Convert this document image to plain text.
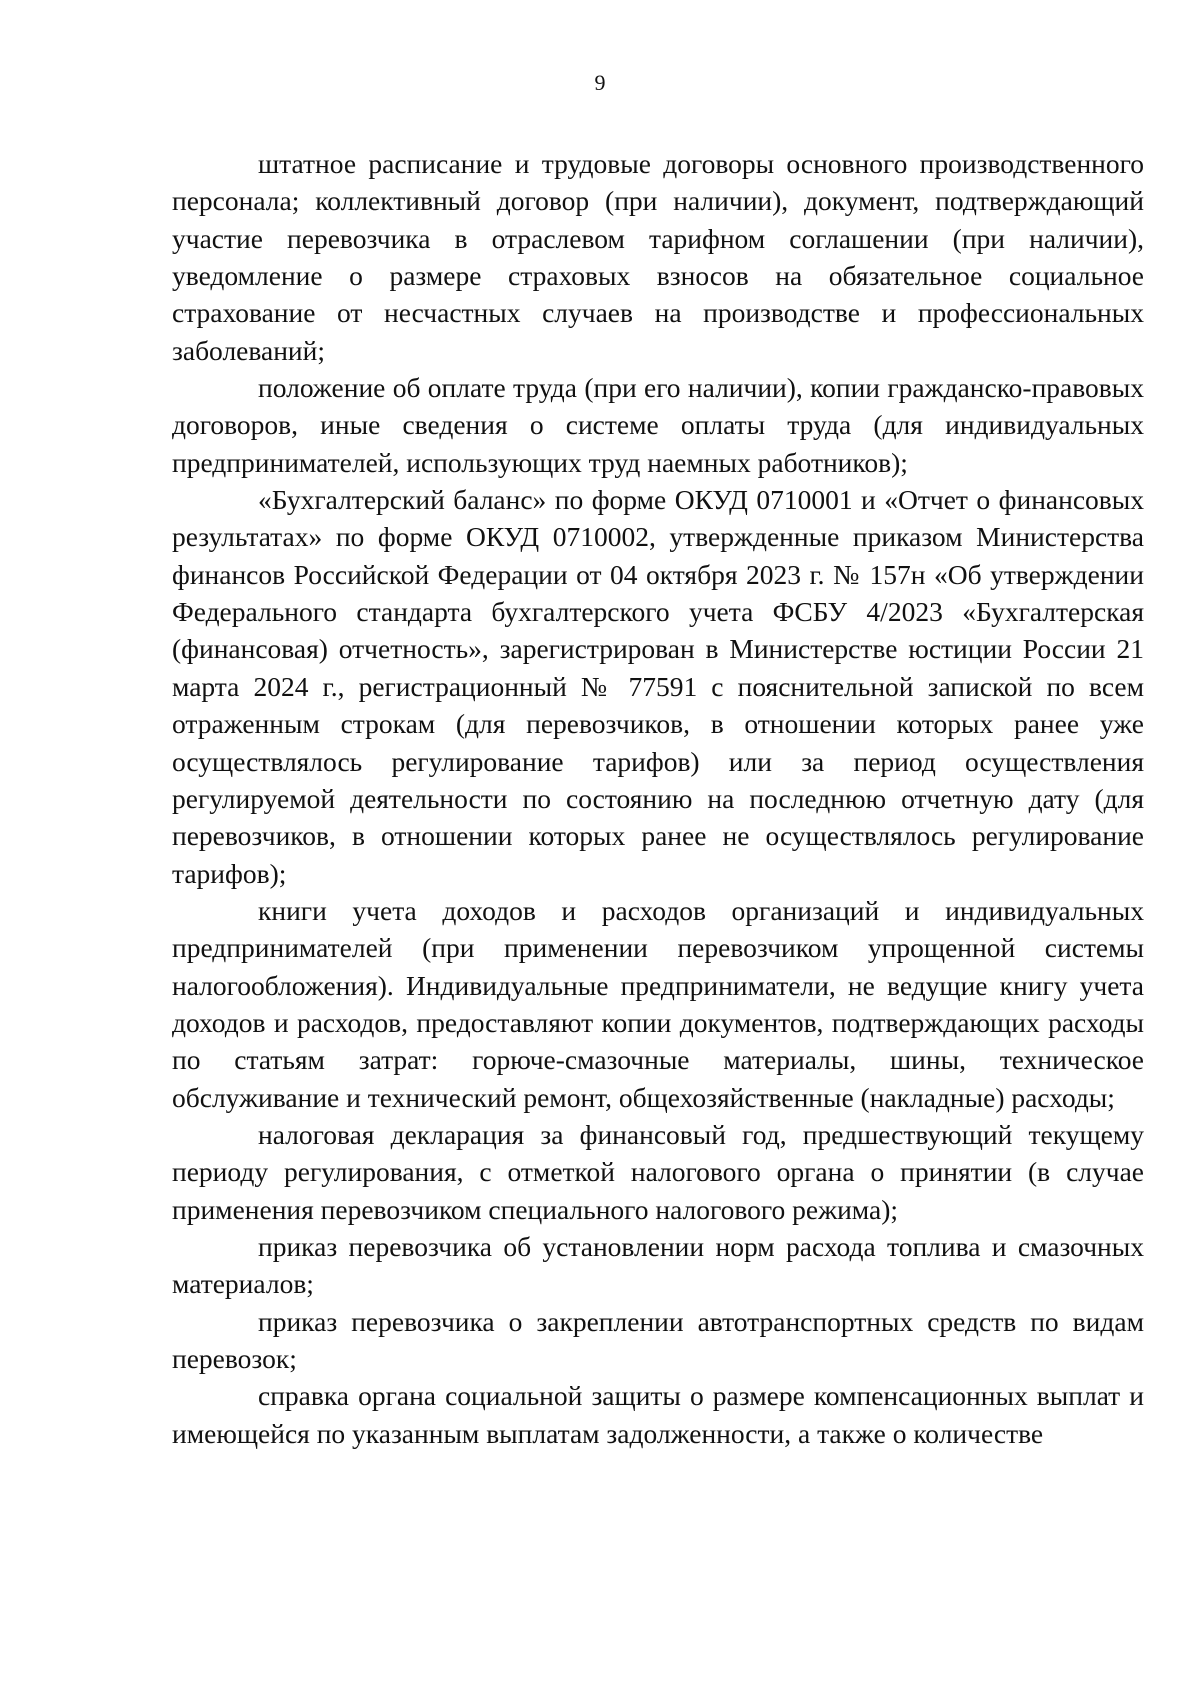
9

штатное расписание и трудовые договоры основного производственного персонала; коллективный договор (при наличии), документ, подтверждающий участие перевозчика в отраслевом тарифном соглашении (при наличии), уведомление о размере страховых взносов на обязательное социальное страхование от несчастных случаев на производстве и профессиональных заболеваний;

положение об оплате труда (при его наличии), копии гражданско-правовых договоров, иные сведения о системе оплаты труда (для индивидуальных предпринимателей, использующих труд наемных работников);

«Бухгалтерский баланс» по форме ОКУД 0710001 и «Отчет о финансовых результатах» по форме ОКУД 0710002, утвержденные приказом Министерства финансов Российской Федерации от 04 октября 2023 г. № 157н «Об утверждении Федерального стандарта бухгалтерского учета ФСБУ 4/2023 «Бухгалтерская (финансовая) отчетность», зарегистрирован в Министерстве юстиции России 21 марта 2024 г., регистрационный № 77591 с пояснительной запиской по всем отраженным строкам (для перевозчиков, в отношении которых ранее уже осуществлялось регулирование тарифов) или за период осуществления регулируемой деятельности по состоянию на последнюю отчетную дату (для перевозчиков, в отношении которых ранее не осуществлялось регулирование тарифов);

книги учета доходов и расходов организаций и индивидуальных предпринимателей (при применении перевозчиком упрощенной системы налогообложения). Индивидуальные предприниматели, не ведущие книгу учета доходов и расходов, предоставляют копии документов, подтверждающих расходы по статьям затрат: горюче-смазочные материалы, шины, техническое обслуживание и технический ремонт, общехозяйственные (накладные) расходы;

налоговая декларация за финансовый год, предшествующий текущему периоду регулирования, с отметкой налогового органа о принятии (в случае применения перевозчиком специального налогового режима);

приказ перевозчика об установлении норм расхода топлива и смазочных материалов;

приказ перевозчика о закреплении автотранспортных средств по видам перевозок;

справка органа социальной защиты о размере компенсационных выплат и имеющейся по указанным выплатам задолженности, а также о количестве
